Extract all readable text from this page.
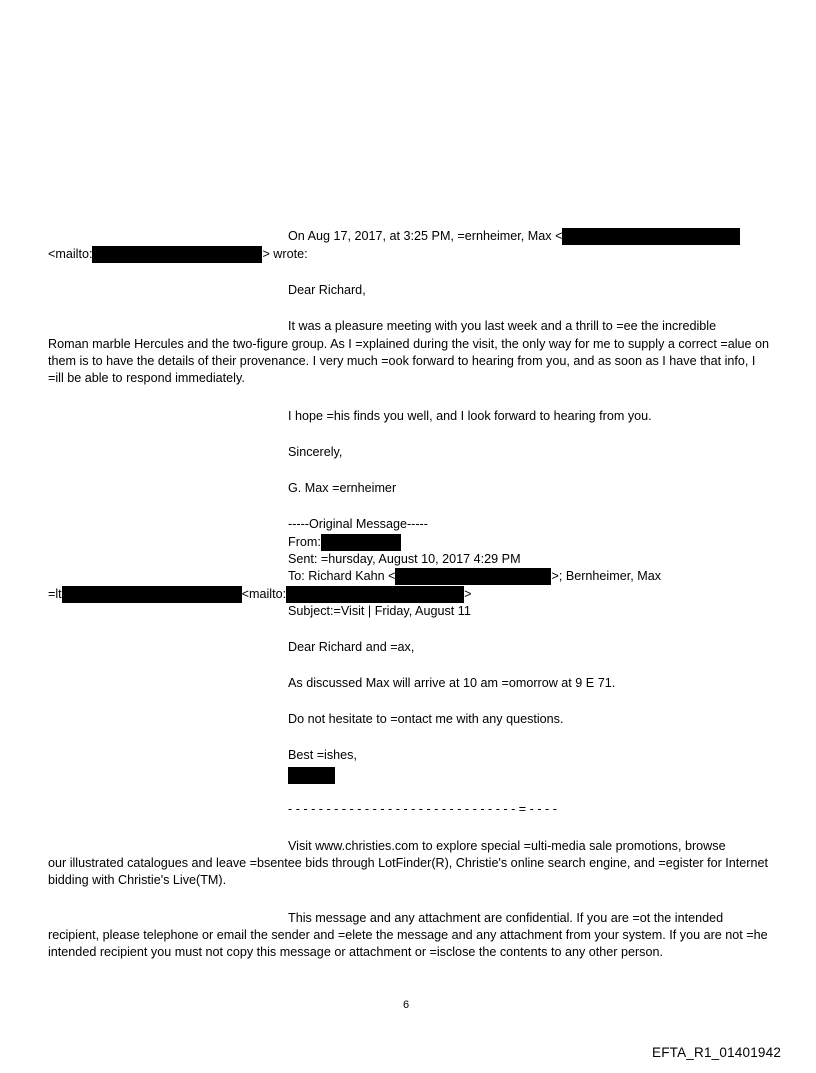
On Aug 17, 2017, at 3:25 PM, =ernheimer, Max <
<mailto:	> wrote:
Dear Richard,
It was a pleasure meeting with you last week and a thrill to =ee the incredible
Roman marble Hercules and the two-figure group. As I =xplained during the visit, the only way for me to supply a correct =alue on them is to have the details of their provenance. I very much =ook forward to hearing from you, and as soon as I have that info, I =ill be able to respond immediately.
I hope =his finds you well, and I look forward to hearing from you.
Sincerely,
G. Max =ernheimer
-----Original Message-----
From:
Sent: =hursday, August 10, 2017 4:29 PM
To: Richard Kahn <	>; Bernheimer, Max
=lt	<mailto:	>
Subject:=Visit | Friday, August 11
Dear Richard and =ax,
As discussed Max will arrive at 10 am =omorrow at 9 E 71.
Do not hesitate to =ontact me with any questions.
Best =ishes,
- - - - - - - - - - - - - - - - - - - - - - - - - - - - - - = - - - -
Visit www.christies.com to explore special =ulti-media sale promotions, browse
our illustrated catalogues and leave =bsentee bids through LotFinder(R), Christie's online search engine, and =egister for Internet bidding with Christie's Live(TM).
This message and any attachment are confidential. If you are =ot the intended
recipient, please telephone or email the sender and =elete the message and any attachment from your system. If you are not =he intended recipient you must not copy this message or attachment or =isclose the contents to any other person.
6
EFTA_R1_01401942
